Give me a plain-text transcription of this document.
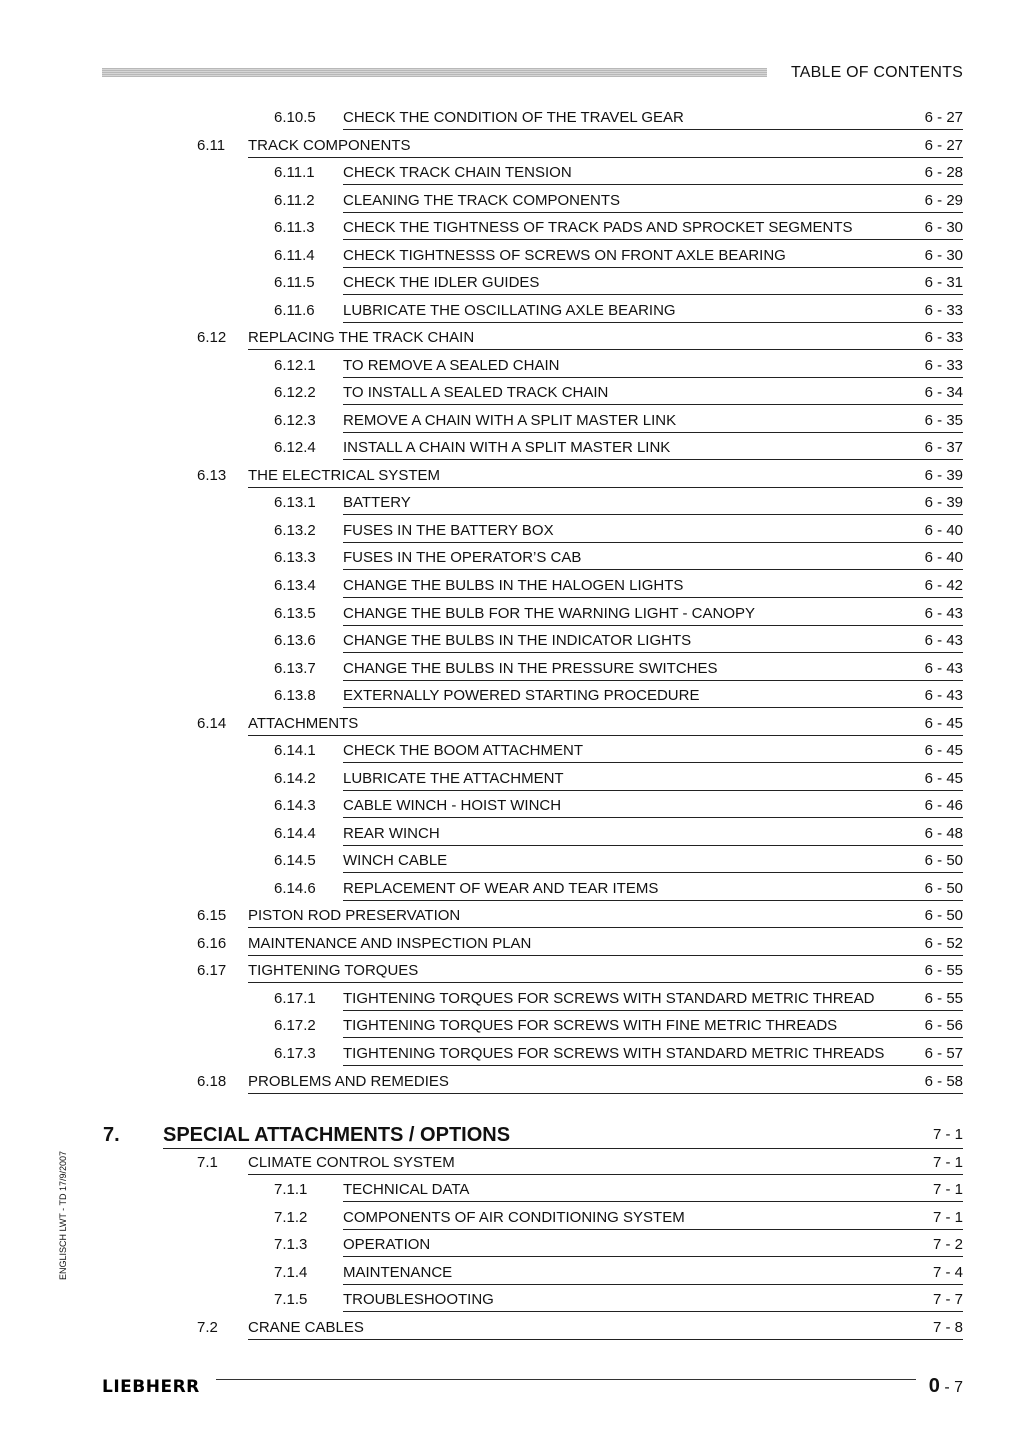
TABLE OF CONTENTS
6.10.5 CHECK THE CONDITION OF THE TRAVEL GEAR	6 - 27
6.11 TRACK COMPONENTS	6 - 27
6.11.1 CHECK TRACK CHAIN TENSION	6 - 28
6.11.2 CLEANING THE TRACK COMPONENTS	6 - 29
6.11.3 CHECK THE TIGHTNESS OF TRACK PADS AND SPROCKET SEGMENTS	6 - 30
6.11.4 CHECK TIGHTNESSS OF SCREWS ON FRONT AXLE BEARING	6 - 30
6.11.5 CHECK THE IDLER GUIDES	6 - 31
6.11.6 LUBRICATE THE OSCILLATING AXLE BEARING	6 - 33
6.12 REPLACING THE TRACK CHAIN	6 - 33
6.12.1 TO REMOVE A SEALED CHAIN	6 - 33
6.12.2 TO INSTALL A SEALED TRACK CHAIN	6 - 34
6.12.3 REMOVE A CHAIN WITH A SPLIT MASTER LINK	6 - 35
6.12.4 INSTALL A CHAIN WITH A SPLIT MASTER LINK	6 - 37
6.13 THE ELECTRICAL SYSTEM	6 - 39
6.13.1 BATTERY	6 - 39
6.13.2 FUSES IN THE BATTERY BOX	6 - 40
6.13.3 FUSES IN THE OPERATOR’S CAB	6 - 40
6.13.4 CHANGE THE BULBS IN THE HALOGEN LIGHTS	6 - 42
6.13.5 CHANGE THE BULB FOR THE WARNING LIGHT - CANOPY	6 - 43
6.13.6 CHANGE THE BULBS IN THE INDICATOR LIGHTS	6 - 43
6.13.7 CHANGE THE BULBS IN THE PRESSURE SWITCHES	6 - 43
6.13.8 EXTERNALLY POWERED STARTING PROCEDURE	6 - 43
6.14 ATTACHMENTS	6 - 45
6.14.1 CHECK THE BOOM ATTACHMENT	6 - 45
6.14.2 LUBRICATE THE ATTACHMENT	6 - 45
6.14.3 CABLE WINCH - HOIST WINCH	6 - 46
6.14.4 REAR WINCH	6 - 48
6.14.5 WINCH CABLE	6 - 50
6.14.6 REPLACEMENT OF WEAR AND TEAR ITEMS	6 - 50
6.15 PISTON ROD PRESERVATION	6 - 50
6.16 MAINTENANCE AND INSPECTION PLAN	6 - 52
6.17 TIGHTENING TORQUES	6 - 55
6.17.1 TIGHTENING TORQUES FOR SCREWS WITH STANDARD METRIC THREAD	6 - 55
6.17.2 TIGHTENING TORQUES FOR SCREWS WITH FINE METRIC THREADS	6 - 56
6.17.3 TIGHTENING TORQUES FOR SCREWS WITH STANDARD METRIC THREADS	6 - 57
6.18 PROBLEMS AND REMEDIES	6 - 58
7. SPECIAL ATTACHMENTS / OPTIONS	7 - 1
7.1 CLIMATE CONTROL SYSTEM	7 - 1
7.1.1 TECHNICAL DATA	7 - 1
7.1.2 COMPONENTS OF AIR CONDITIONING SYSTEM	7 - 1
7.1.3 OPERATION	7 - 2
7.1.4 MAINTENANCE	7 - 4
7.1.5 TROUBLESHOOTING	7 - 7
7.2 CRANE CABLES	7 - 8
ENGLISCH LWT - TD 17/9/2007
LIEBHERR	0 - 7
